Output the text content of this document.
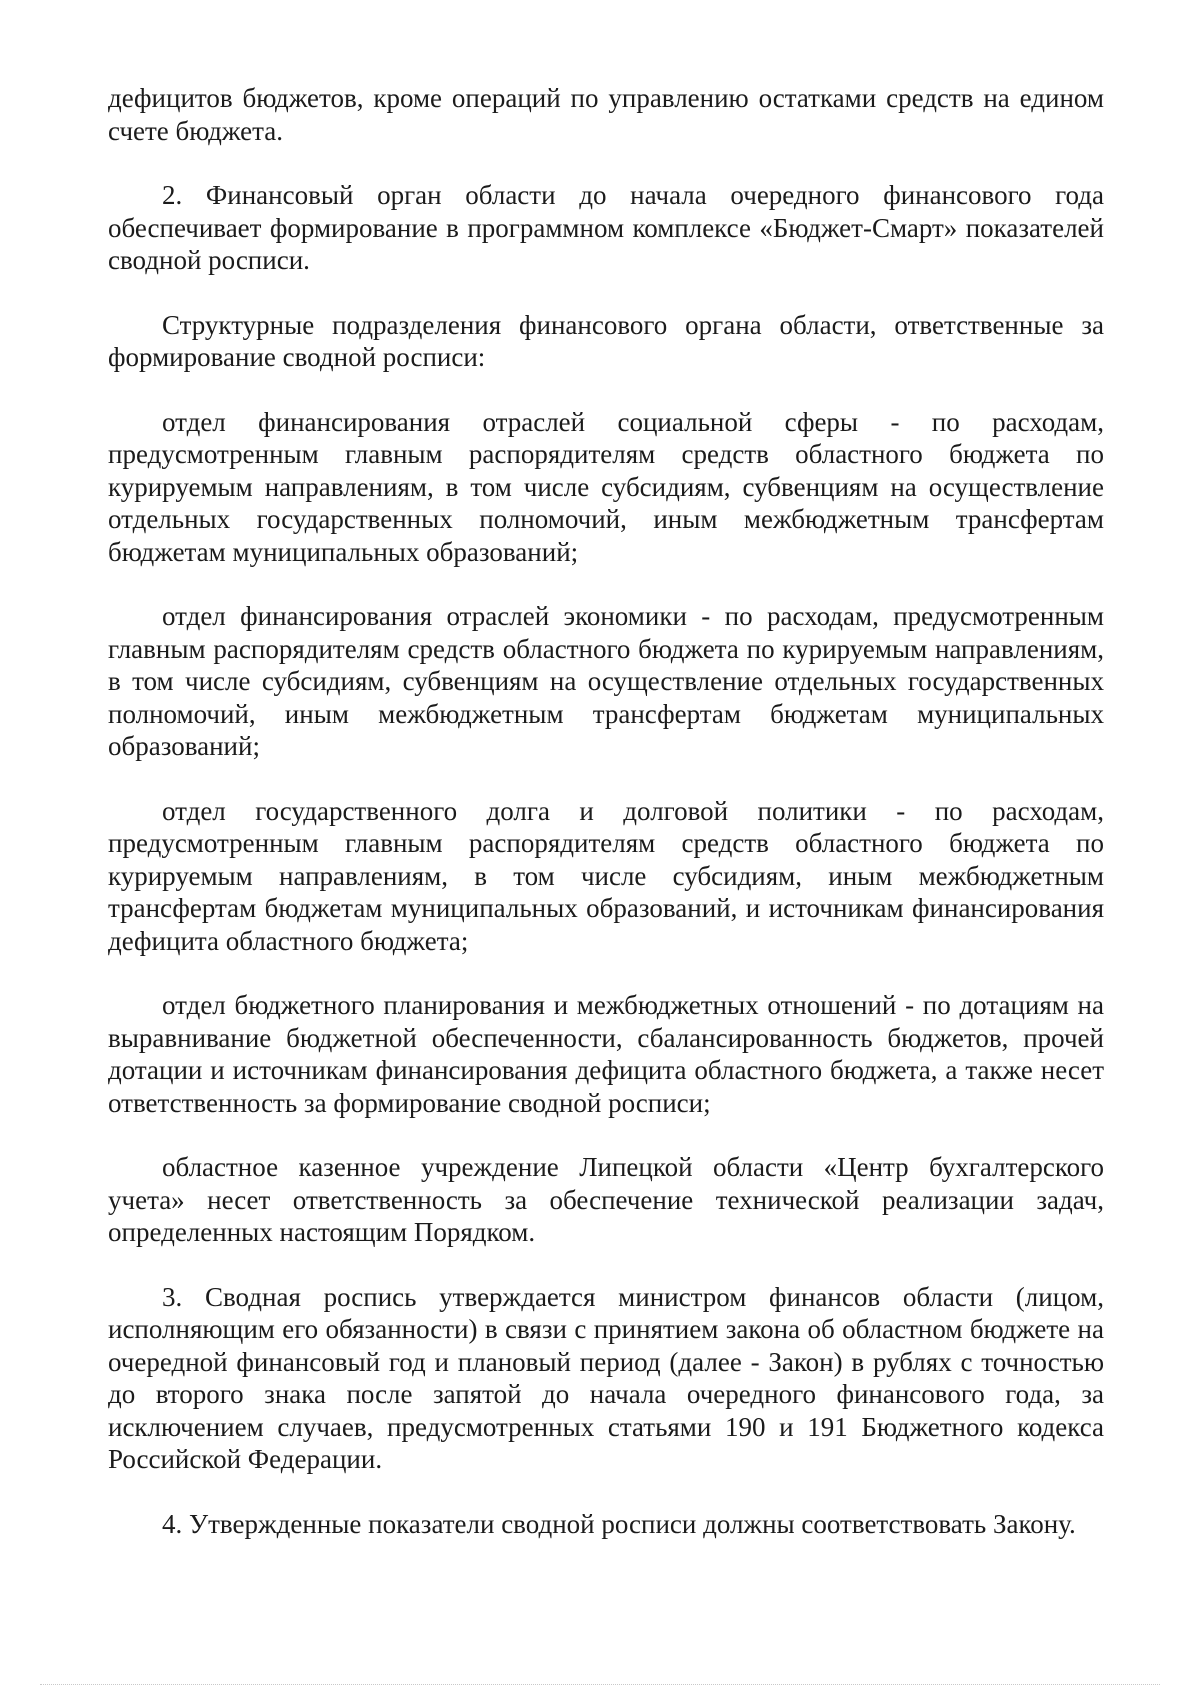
дефицитов бюджетов, кроме операций по управлению остатками средств на едином счете бюджета.

2. Финансовый орган области до начала очередного финансового года обеспечивает формирование в программном комплексе «Бюджет-Смарт» показателей сводной росписи.

Структурные подразделения финансового органа области, ответственные за формирование сводной росписи:

отдел финансирования отраслей социальной сферы - по расходам, предусмотренным главным распорядителям средств областного бюджета по курируемым направлениям, в том числе субсидиям, субвенциям на осуществление отдельных государственных полномочий, иным межбюджетным трансфертам бюджетам муниципальных образований;

отдел финансирования отраслей экономики - по расходам, предусмотренным главным распорядителям средств областного бюджета по курируемым направлениям, в том числе субсидиям, субвенциям на осуществление отдельных государственных полномочий, иным межбюджетным трансфертам бюджетам муниципальных образований;

отдел государственного долга и долговой политики - по расходам, предусмотренным главным распорядителям средств областного бюджета по курируемым направлениям, в том числе субсидиям, иным межбюджетным трансфертам бюджетам муниципальных образований, и источникам финансирования дефицита областного бюджета;

отдел бюджетного планирования и межбюджетных отношений - по дотациям на выравнивание бюджетной обеспеченности, сбалансированность бюджетов, прочей дотации и источникам финансирования дефицита областного бюджета, а также несет ответственность за формирование сводной росписи;

областное казенное учреждение Липецкой области «Центр бухгалтерского учета» несет ответственность за обеспечение технической реализации задач, определенных настоящим Порядком.

3. Сводная роспись утверждается министром финансов области (лицом, исполняющим его обязанности) в связи с принятием закона об областном бюджете на очередной финансовый год и плановый период (далее - Закон) в рублях с точностью до второго знака после запятой до начала очередного финансового года, за исключением случаев, предусмотренных статьями 190 и 191 Бюджетного кодекса Российской Федерации.

4. Утвержденные показатели сводной росписи должны соответствовать Закону.
